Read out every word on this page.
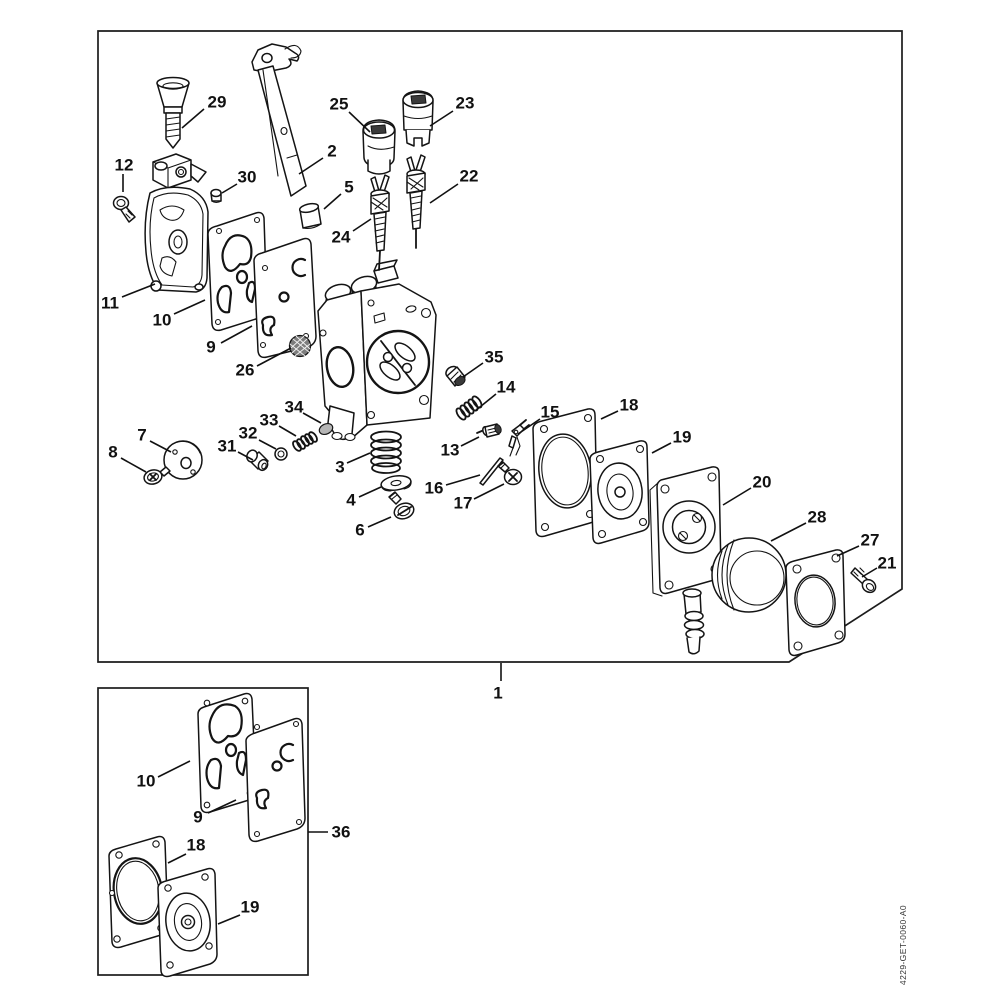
29
12
30
2
25	23
5
22
24
11
10
9
26
35
14
15	18
19
13
16
17
34
33
32
31
7
8
3
4
6
20
28
27
21
1
10
9
18
19
36
4229-GET-0060-A0
